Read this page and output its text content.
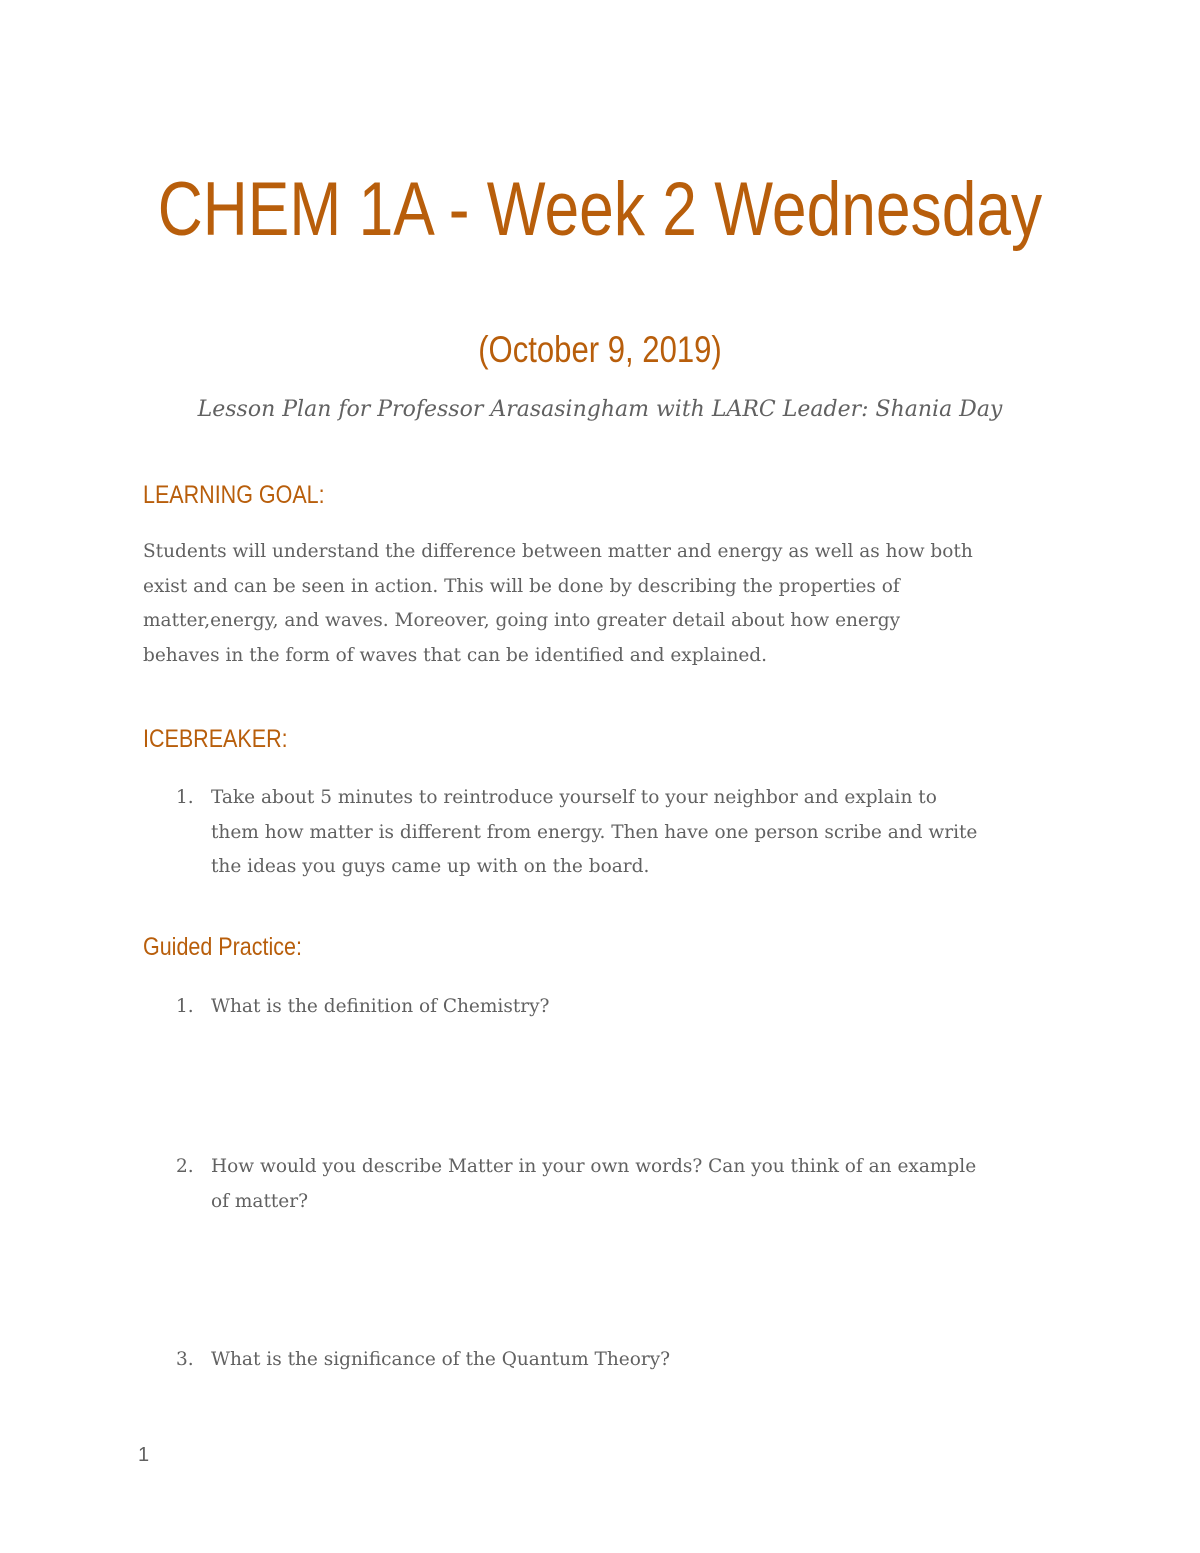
CHEM 1A - Week 2 Wednesday
(October 9, 2019)
Lesson Plan for Professor Arasasingham with LARC Leader: Shania Day
LEARNING GOAL:
Students will understand the difference between matter and energy as well as how both
exist and can be seen in action. This will be done by describing the properties of
matter,energy, and waves. Moreover, going into greater detail about how energy
behaves in the form of waves that can be identified and explained.
ICEBREAKER:
1. Take about 5 minutes to reintroduce yourself to your neighbor and explain to
them how matter is different from energy. Then have one person scribe and write
the ideas you guys came up with on the board.
Guided Practice:
1. What is the definition of Chemistry?
2. How would you describe Matter in your own words? Can you think of an example
of matter?
3. What is the significance of the Quantum Theory?
1
